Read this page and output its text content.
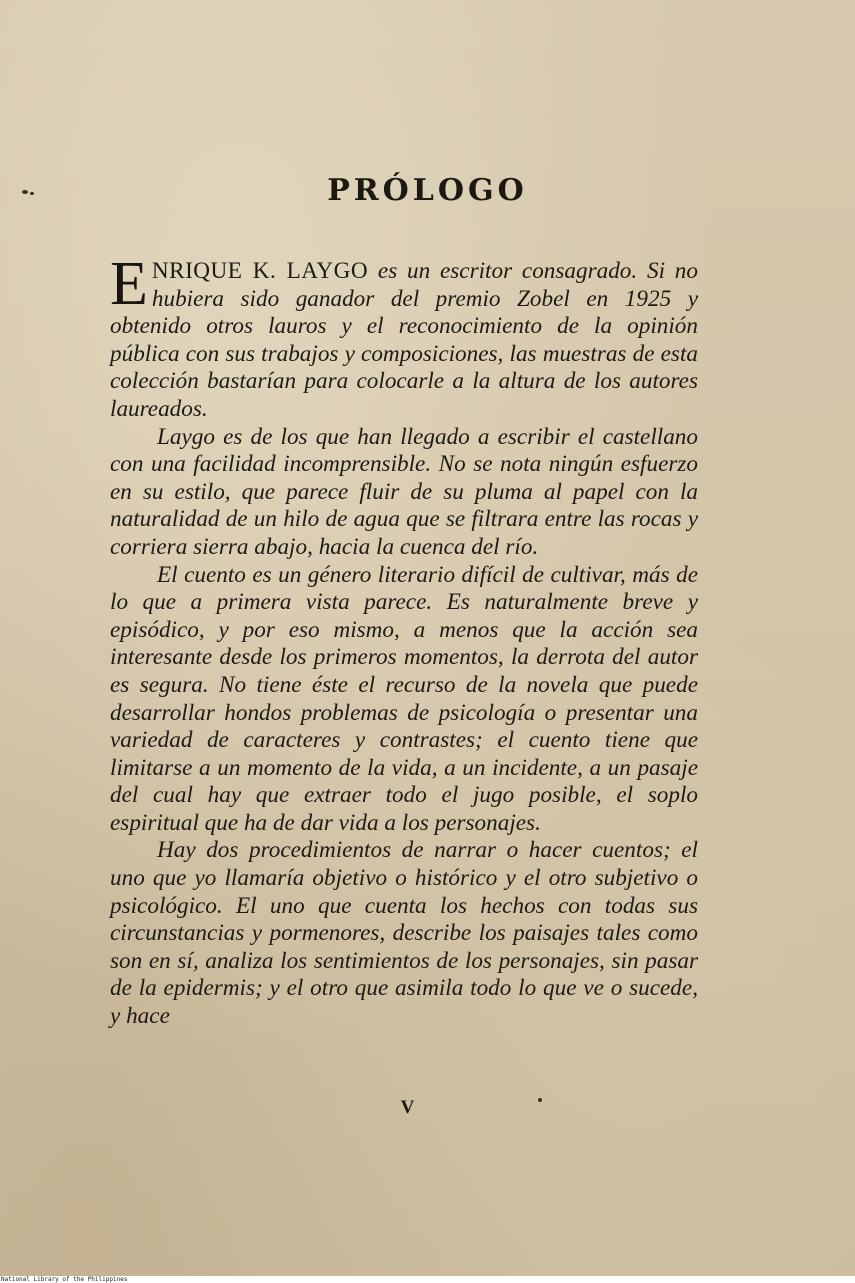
PRÓLOGO

ENRIQUE K. LAYGO es un escritor consagrado. Si no hubiera sido ganador del premio Zobel en 1925 y obtenido otros lauros y el reconocimiento de la opinión pública con sus trabajos y composiciones, las muestras de esta colección bastarían para colocarle a la altura de los autores laureados.

Laygo es de los que han llegado a escribir el castellano con una facilidad incomprensible. No se nota ningún esfuerzo en su estilo, que parece fluir de su pluma al papel con la naturalidad de un hilo de agua que se filtrara entre las rocas y corriera sierra abajo, hacia la cuenca del río.

El cuento es un género literario difícil de cultivar, más de lo que a primera vista parece. Es naturalmente breve y episódico, y por eso mismo, a menos que la acción sea interesante desde los primeros momentos, la derrota del autor es segura. No tiene éste el recurso de la novela que puede desarrollar hondos problemas de psicología o presentar una variedad de caracteres y contrastes; el cuento tiene que limitarse a un momento de la vida, a un incidente, a un pasaje del cual hay que extraer todo el jugo posible, el soplo espiritual que ha de dar vida a los personajes.

Hay dos procedimientos de narrar o hacer cuentos; el uno que yo llamaría objetivo o histórico y el otro subjetivo o psicológico. El uno que cuenta los hechos con todas sus circunstancias y pormenores, describe los paisajes tales como son en sí, analiza los sentimientos de los personajes, sin pasar de la epidermis; y el otro que asimila todo lo que ve o sucede, y hace

V

National Library of the Philippines
